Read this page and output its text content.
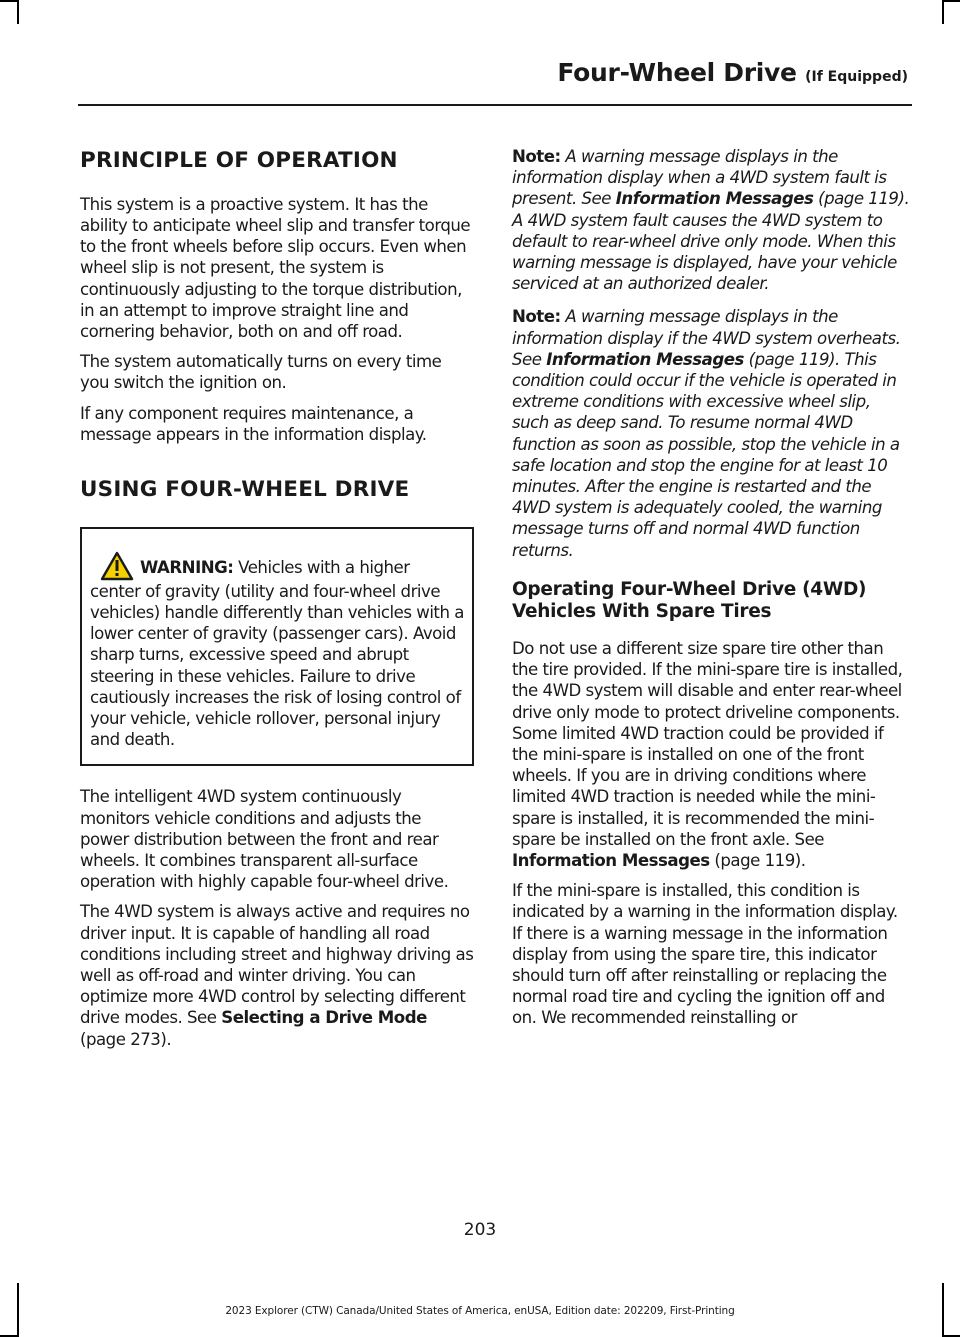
Four-Wheel Drive (If Equipped)
PRINCIPLE OF OPERATION

This system is a proactive system. It has the ability to anticipate wheel slip and transfer torque to the front wheels before slip occurs. Even when wheel slip is not present, the system is continuously adjusting to the torque distribution, in an attempt to improve straight line and cornering behavior, both on and off road.

The system automatically turns on every time you switch the ignition on.

If any component requires maintenance, a message appears in the information display.

USING FOUR-WHEEL DRIVE

WARNING: Vehicles with a higher center of gravity (utility and four-wheel drive vehicles) handle differently than vehicles with a lower center of gravity (passenger cars). Avoid sharp turns, excessive speed and abrupt steering in these vehicles. Failure to drive cautiously increases the risk of losing control of your vehicle, vehicle rollover, personal injury and death.

The intelligent 4WD system continuously monitors vehicle conditions and adjusts the power distribution between the front and rear wheels. It combines transparent all-surface operation with highly capable four-wheel drive.

The 4WD system is always active and requires no driver input. It is capable of handling all road conditions including street and highway driving as well as off-road and winter driving. You can optimize more 4WD control by selecting different drive modes. See Selecting a Drive Mode (page 273).

Note: A warning message displays in the information display when a 4WD system fault is present. See Information Messages (page 119). A 4WD system fault causes the 4WD system to default to rear-wheel drive only mode. When this warning message is displayed, have your vehicle serviced at an authorized dealer.

Note: A warning message displays in the information display if the 4WD system overheats. See Information Messages (page 119). This condition could occur if the vehicle is operated in extreme conditions with excessive wheel slip, such as deep sand. To resume normal 4WD function as soon as possible, stop the vehicle in a safe location and stop the engine for at least 10 minutes. After the engine is restarted and the 4WD system is adequately cooled, the warning message turns off and normal 4WD function returns.

Operating Four-Wheel Drive (4WD) Vehicles With Spare Tires

Do not use a different size spare tire other than the tire provided. If the mini-spare tire is installed, the 4WD system will disable and enter rear-wheel drive only mode to protect driveline components. Some limited 4WD traction could be provided if the mini-spare is installed on one of the front wheels. If you are in driving conditions where limited 4WD traction is needed while the mini-spare is installed, it is recommended the mini-spare be installed on the front axle. See Information Messages (page 119).

If the mini-spare is installed, this condition is indicated by a warning in the information display. If there is a warning message in the information display from using the spare tire, this indicator should turn off after reinstalling or replacing the normal road tire and cycling the ignition off and on. We recommended reinstalling or

203
2023 Explorer (CTW) Canada/United States of America, enUSA, Edition date: 202209, First-Printing
